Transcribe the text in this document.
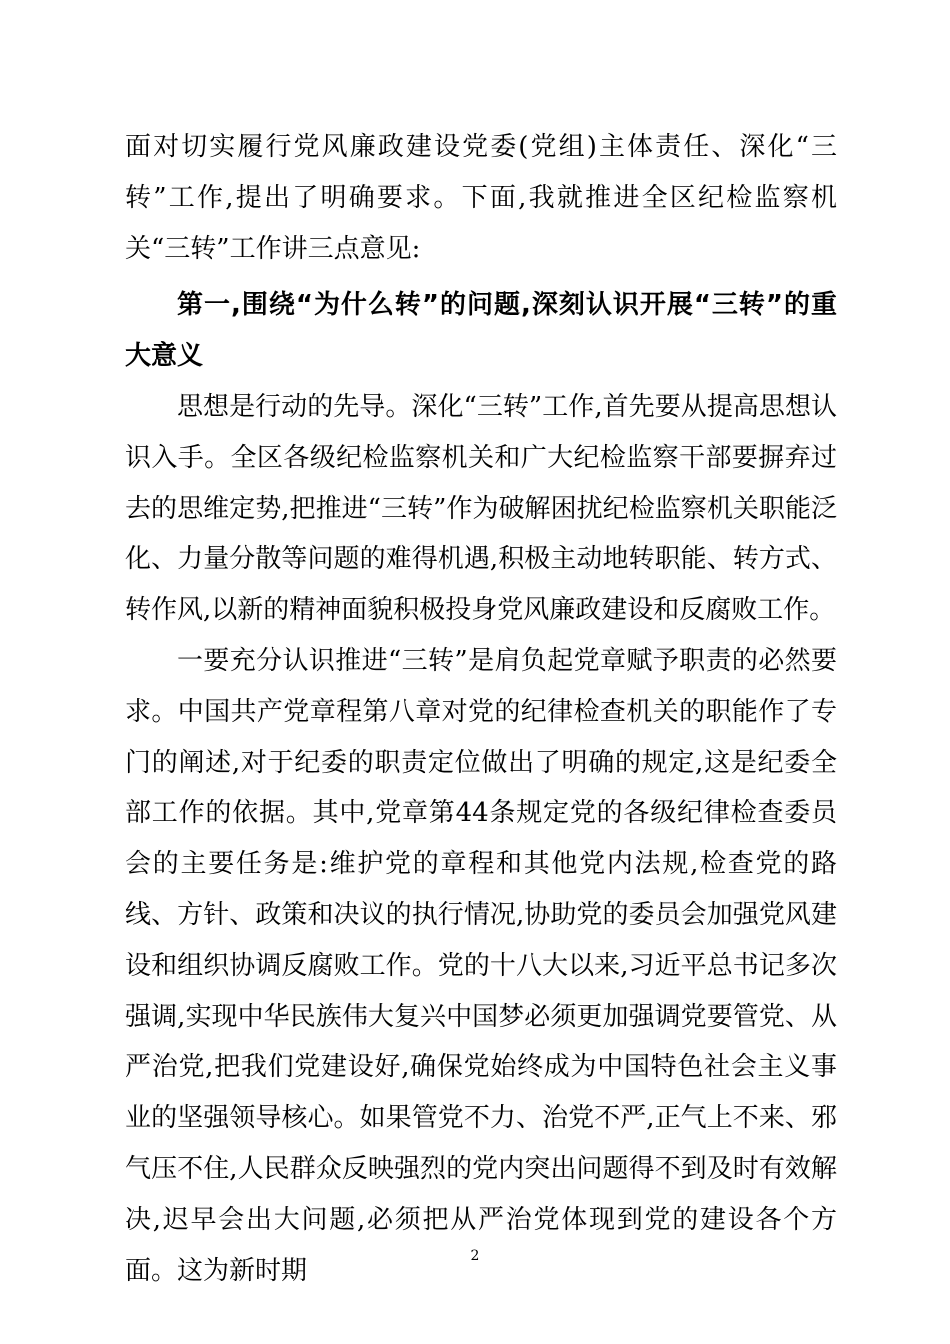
面对切实履行党风廉政建设党委(党组)主体责任、深化“三转”工作,提出了明确要求。下面,我就推进全区纪检监察机关“三转”工作讲三点意见:

第一,围绕“为什么转”的问题,深刻认识开展“三转”的重大意义

思想是行动的先导。深化“三转”工作,首先要从提高思想认识入手。全区各级纪检监察机关和广大纪检监察干部要摒弃过去的思维定势,把推进“三转”作为破解困扰纪检监察机关职能泛化、力量分散等问题的难得机遇,积极主动地转职能、转方式、转作风,以新的精神面貌积极投身党风廉政建设和反腐败工作。

一要充分认识推进“三转”是肩负起党章赋予职责的必然要求。中国共产党章程第八章对党的纪律检查机关的职能作了专门的阐述,对于纪委的职责定位做出了明确的规定,这是纪委全部工作的依据。其中,党章第44条规定党的各级纪律检查委员会的主要任务是:维护党的章程和其他党内法规,检查党的路线、方针、政策和决议的执行情况,协助党的委员会加强党风建设和组织协调反腐败工作。党的十八大以来,习近平总书记多次强调,实现中华民族伟大复兴中国梦必须更加强调党要管党、从严治党,把我们党建设好,确保党始终成为中国特色社会主义事业的坚强领导核心。如果管党不力、治党不严,正气上不来、邪气压不住,人民群众反映强烈的党内突出问题得不到及时有效解决,迟早会出大问题,必须把从严治党体现到党的建设各个方面。这为新时期	2
